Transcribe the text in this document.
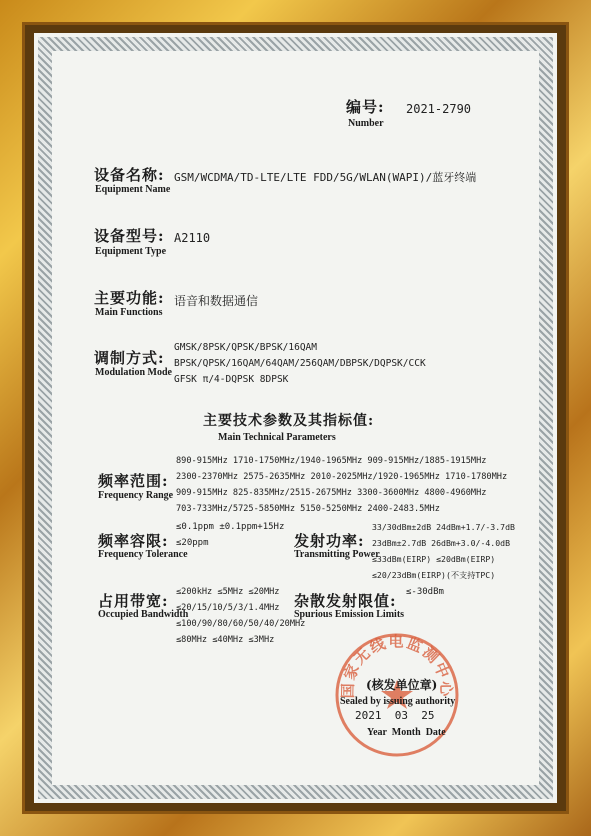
编号:
Number
2021-2790
设备名称:
Equipment Name
GSM/WCDMA/TD-LTE/LTE FDD/5G/WLAN(WAPI)/蓝牙终端
设备型号:
Equipment Type
A2110
主要功能:
Main Functions
语音和数据通信
调制方式:
Modulation Mode
GMSK/8PSK/QPSK/BPSK/16QAM
BPSK/QPSK/16QAM/64QAM/256QAM/DBPSK/DQPSK/CCK
GFSK π/4-DQPSK 8DPSK
主要技术参数及其指标值:
Main Technical Parameters
频率范围:
Frequency Range
890-915MHz 1710-1750MHz/1940-1965MHz 909-915MHz/1885-1915MHz
2300-2370MHz 2575-2635MHz 2010-2025MHz/1920-1965MHz 1710-1780MHz
909-915MHz 825-835MHz/2515-2675MHz 3300-3600MHz 4800-4960MHz
703-733MHz/5725-5850MHz 5150-5250MHz 2400-2483.5MHz
频率容限:
Frequency Tolerance
≤0.1ppm ±0.1ppm+15Hz
≤20ppm	发射功率:
Transmitting Power
33/30dBm±2dB 24dBm+1.7/-3.7dB
23dBm±2.7dB 26dBm+3.0/-4.0dB
≤33dBm(EIRP) ≤20dBm(EIRP)
≤20/23dBm(EIRP)(不支持TPC)
占用带宽:
Occupied Bandwidth
≤200kHz ≤5MHz ≤20MHz
≤20/15/10/5/3/1.4MHz
≤100/90/80/60/50/40/20MHz
≤80MHz ≤40MHz ≤3MHz
杂散发射限值:
Spurious Emission Limits
≤-30dBm
国家无线电监测中心
(核发单位章)
Sealed by issuing authority
2021  03  25
Year  Month  Date
